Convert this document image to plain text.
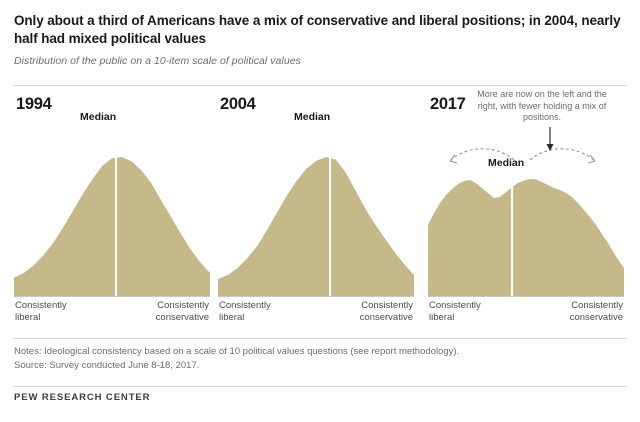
Only about a third of Americans have a mix of conservative and liberal positions; in 2004, nearly half had mixed political values
Distribution of the public on a 10-item scale of political values
1994
Median
Consistently
liberal
Consistently
conservative
2004
Median
Consistently
liberal
Consistently
conservative
2017
More are now on the left and the right, with fewer holding a mix of positions.
Median
Consistently
liberal
Consistently
conservative
Notes: Ideological consistency based on a scale of 10 political values questions (see report methodology).
Source: Survey conducted June 8-18, 2017.
PEW RESEARCH CENTER
